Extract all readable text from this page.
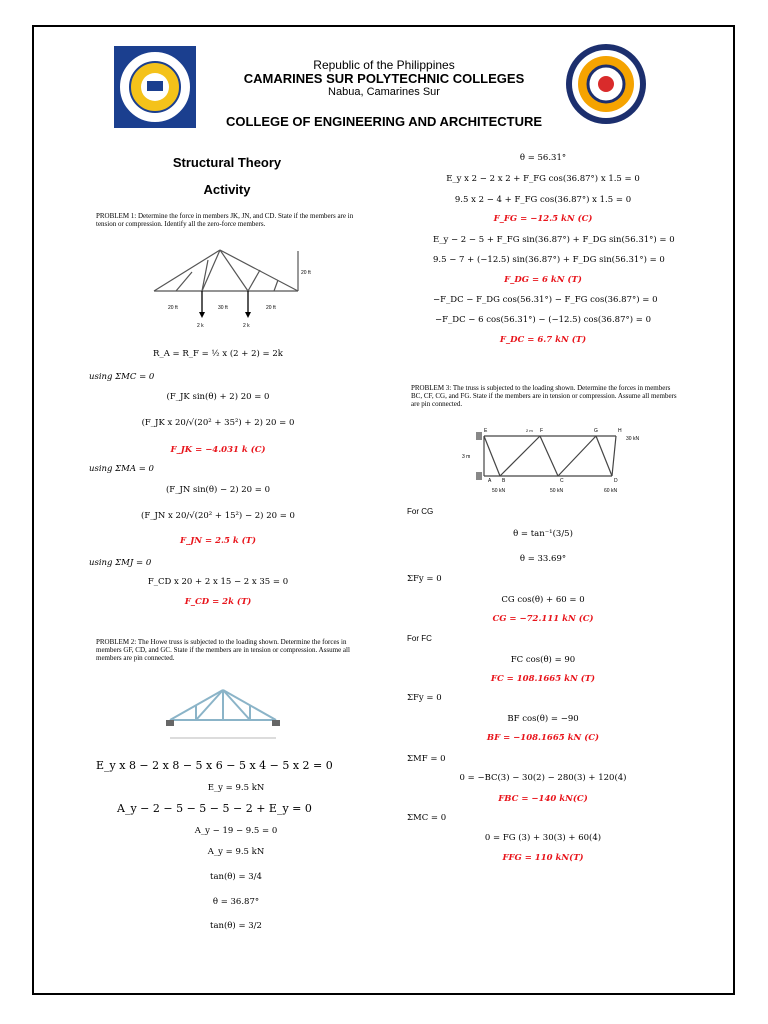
Republic of the Philippines
CAMARINES SUR POLYTECHNIC COLLEGES
Nabua, Camarines Sur
COLLEGE OF ENGINEERING AND ARCHITECTURE
Structural Theory
Activity
PROBLEM 1: Determine the force in members JK, JN, and CD. State if the members are in tension or compression. Identify all the zero-force members.
20 ft	30 ft	20 ft
20 ft
2 k	2 k
R_A = R_F = ½ x (2 + 2) = 2k
using ΣMC = 0
(F_JK sin(θ) + 2) 20 = 0
(F_JK x 20/√(20² + 35²) + 2) 20 = 0
F_JK = −4.031 k (C)
using ΣMA = 0
(F_JN sin(θ) − 2) 20 = 0
(F_JN x 20/√(20² + 15²) − 2) 20 = 0
F_JN = 2.5 k (T)
using ΣMJ = 0
F_CD x 20 + 2 x 15 − 2 x 35 = 0
F_CD = 2k (T)
PROBLEM 2: The Howe truss is subjected to the loading shown. Determine the forces in members GF, CD, and GC. State if the members are in tension or compression. Assume all members are pin connected.
E_y x 8 − 2 x 8 − 5 x 6 − 5 x 4 − 5 x 2 = 0
E_y = 9.5 kN
A_y − 2 − 5 − 5 − 5 − 2 + E_y = 0
A_y − 19 − 9.5 = 0
A_y = 9.5 kN
tan(θ) = 3/4
θ = 36.87°
tan(θ) = 3/2
θ = 56.31°
E_y x 2 − 2 x 2 + F_FG cos(36.87°) x 1.5 = 0
9.5 x 2 − 4 + F_FG cos(36.87°) x 1.5 = 0
F_FG = −12.5 kN (C)
E_y − 2 − 5 + F_FG sin(36.87°) + F_DG sin(56.31°) = 0
9.5 − 7 + (−12.5) sin(36.87°) + F_DG sin(56.31°) = 0
F_DG = 6 kN (T)
−F_DC − F_DG cos(56.31°) − F_FG cos(36.87°) = 0
−F_DC − 6 cos(56.31°) − (−12.5) cos(36.87°) = 0
F_DC = 6.7 kN (T)
PROBLEM 3: The truss is subjected to the loading shown. Determine the forces in members BC, CF, CG, and FG. State if the members are in tension or compression. Assume all members are pin connected.
E	F	G	H
A B	C	D
2 m
3 m
50 kN	50 kN	60 kN
30 kN
For CG
θ = tan⁻¹(3/5)
θ = 33.69°
ΣFy = 0
CG cos(θ) + 60 = 0
CG = −72.111 kN (C)
For FC
FC cos(θ) = 90
FC = 108.1665 kN (T)
ΣFy = 0
BF cos(θ) = −90
BF = −108.1665 kN (C)
ΣMF = 0
0 = −BC(3) − 30(2) − 280(3) + 120(4)
FBC = −140 kN(C)
ΣMC = 0
0 = FG (3) + 30(3) + 60(4)
FFG = 110 kN(T)
